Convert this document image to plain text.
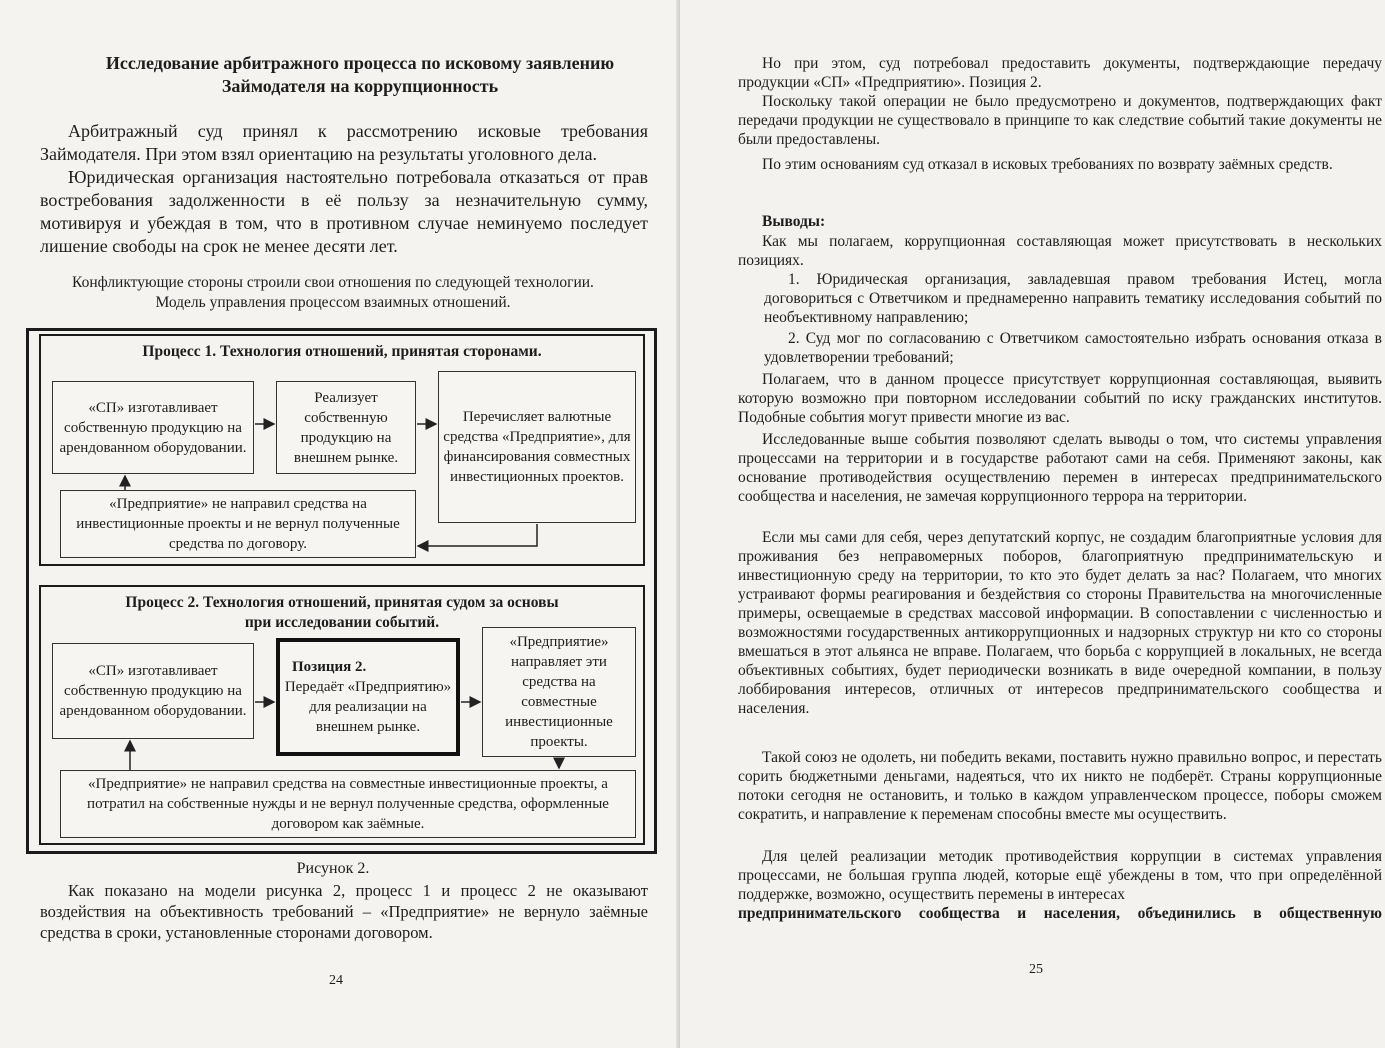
Исследование арбитражного процесса по исковому заявлению

Займодателя на коррупционность

Арбитражный суд принял к рассмотрению исковые требования Займодателя. При этом взял ориентацию на результаты уголовного дела.

Юридическая организация настоятельно потребовала отказаться от прав востребования задолженности в её пользу за незначительную сумму, мотивируя и убеждая в том, что в противном случае неминуемо последует лишение свободы на срок не менее десяти лет.

Конфликтующие стороны строили свои отношения по следующей технологии.

Модель управления процессом взаимных отношений.

Процесс 1. Технология отношений, принятая сторонами.

«СП» изготавливает собственную продукцию на арендованном оборудовании.
Реализует собственную продукцию на внешнем рынке.
Перечисляет валютные средства «Предприятие», для финансирования совместных инвестиционных проектов.
«Предприятие» не направил средства на инвестиционные проекты и не вернул полученные средства по договору.

Процесс 2. Технология отношений, принятая судом за основы

при исследовании событий.

«СП» изготавливает собственную продукцию на арендованном оборудовании.
Позиция 2.
Передаёт «Предприятию» для реализации на внешнем рынке.
«Предприятие» направляет эти средства на совместные инвестиционные проекты.
«Предприятие» не направил средства на совместные инвестиционные проекты, а потратил на собственные нужды и не вернул полученные средства, оформленные договором как заёмные.

Рисунок 2.

Как показано на модели рисунка 2, процесс 1 и процесс 2 не оказывают воздействия на объективность требований – «Предприятие» не вернуло заёмные средства в сроки, установленные сторонами договором.

24

Но при этом, суд потребовал предоставить документы, подтверждающие передачу продукции «СП» «Предприятию». Позиция 2.

Поскольку такой операции не было предусмотрено и документов, подтверждающих факт передачи продукции не существовало в принципе то как следствие событий такие документы не были предоставлены.

По этим основаниям суд отказал в исковых требованиях по возврату заёмных средств.

Выводы:

Как мы полагаем, коррупционная составляющая может присутствовать в нескольких позициях.

1. Юридическая организация, завладевшая правом требования Истец, могла договориться с Ответчиком и преднамеренно направить тематику исследования событий по необъективному направлению;

2. Суд мог по согласованию с Ответчиком самостоятельно избрать основания отказа в удовлетворении требований;

Полагаем, что в данном процессе присутствует коррупционная составляющая, выявить которую возможно при повторном исследовании событий по иску гражданских институтов. Подобные события могут привести многие из вас.

Исследованные выше события позволяют сделать выводы о том, что системы управления процессами на территории и в государстве работают сами на себя. Применяют законы, как основание противодействия осуществлению перемен в интересах предпринимательского сообщества и населения, не замечая коррупционного террора на территории.

Если мы сами для себя, через депутатский корпус, не создадим благоприятные условия для проживания без неправомерных поборов, благоприятную предпринимательскую и инвестиционную среду на территории, то кто это будет делать за нас? Полагаем, что многих устраивают формы реагирования и бездействия со стороны Правительства на многочисленные примеры, освещаемые в средствах массовой информации. В сопоставлении с численностью и возможностями государственных антикоррупционных и надзорных структур ни кто со стороны вмешаться в этот альянса не вправе. Полагаем, что борьба с коррупцией в локальных, не всегда объективных событиях, будет периодически возникать в виде очередной компании, в пользу лоббирования интересов, отличных от интересов предпринимательского сообщества и населения.

Такой союз не одолеть, ни победить веками, поставить нужно правильно вопрос, и перестать сорить бюджетными деньгами, надеяться, что их никто не подберёт. Страны коррупционные потоки сегодня не остановить, и только в каждом управленческом процессе, поборы сможем сократить, и направление к переменам способны вместе мы осуществить.

Для целей реализации методик противодействия коррупции в системах управления процессами, не большая группа людей, которые ещё убеждены в том, что при определённой поддержке, возможно, осуществить перемены в интересах

предпринимательского сообщества и населения, объединились в общественную

25
